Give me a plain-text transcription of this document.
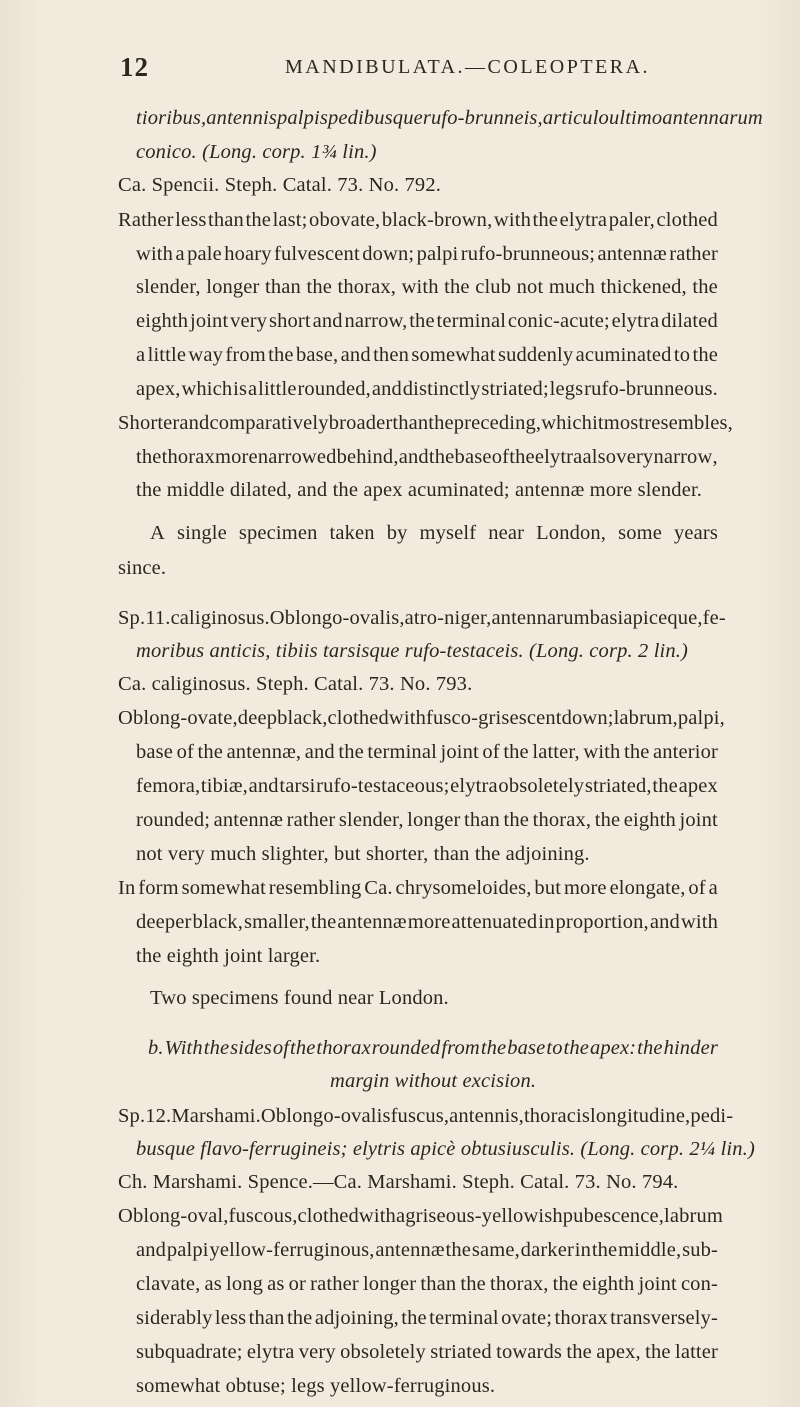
12	MANDIBULATA.—COLEOPTERA.
tioribus, antennis palpis pedibusque rufo-brunneis, articulo ultimo antennarum
conico. (Long. corp. 1¾ lin.)
Ca. Spencii. Steph. Catal. 73. No. 792.
Rather less than the last; obovate, black-brown, with the elytra paler, clothed
with a pale hoary fulvescent down; palpi rufo-brunneous; antennæ rather
slender, longer than the thorax, with the club not much thickened, the
eighth joint very short and narrow, the terminal conic-acute; elytra dilated
a little way from the base, and then somewhat suddenly acuminated to the
apex, which is a little rounded, and distinctly striated; legs rufo-brunneous.
Shorter and comparatively broader than the preceding, which it most resembles,
the thorax more narrowed behind, and the base of the elytra also very narrow ,
the middle dilated, and the apex acuminated; antennæ more slender.
A single specimen taken by myself near London, some years
since.
Sp. 11. caliginosus. Oblongo-ovalis, atro-niger, antennarum basi apiceque, fe-
moribus anticis, tibiis tarsisque rufo-testaceis. (Long. corp. 2 lin.)
Ca. caliginosus. Steph. Catal. 73. No. 793.
Oblong-ovate, deep black, clothed with fusco-grisescent down; labrum, palpi,
base of the antennæ, and the terminal joint of the latter, with the anterior
femora, tibiæ, and tarsi rufo-testaceous; elytra obsoletely striated, the apex
rounded; antennæ rather slender, longer than the thorax, the eighth joint
not very much slighter, but shorter, than the adjoining.
In form somewhat resembling Ca. chrysomeloides, but more elongate, of a
deeper black, smaller, the antennæ more attenuated in proportion, and with
the eighth joint larger.
Two specimens found near London.
b. With the sides of the thorax rounded from the base to the apex: the hinder
margin without excision.
Sp. 12. Marshami. Oblongo-ovalis fuscus, antennis, thoracis longitudine, pedi-
busque flavo-ferrugineis; elytris apicè obtusiusculis. (Long. corp. 2¼ lin.)
Ch. Marshami. Spence.—Ca. Marshami. Steph. Catal. 73. No. 794.
Oblong-oval, fuscous, clothed with a griseous-yellowish pubescence, labrum
and palpi yellow-ferruginous, antennæ the same, darker in the middle, sub-
clavate, as long as or rather longer than the thorax, the eighth joint con-
siderably less than the adjoining, the terminal ovate; thorax transversely-
subquadrate; elytra very obsoletely striated towards the apex, the latter
somewhat obtuse; legs yellow-ferruginous.
